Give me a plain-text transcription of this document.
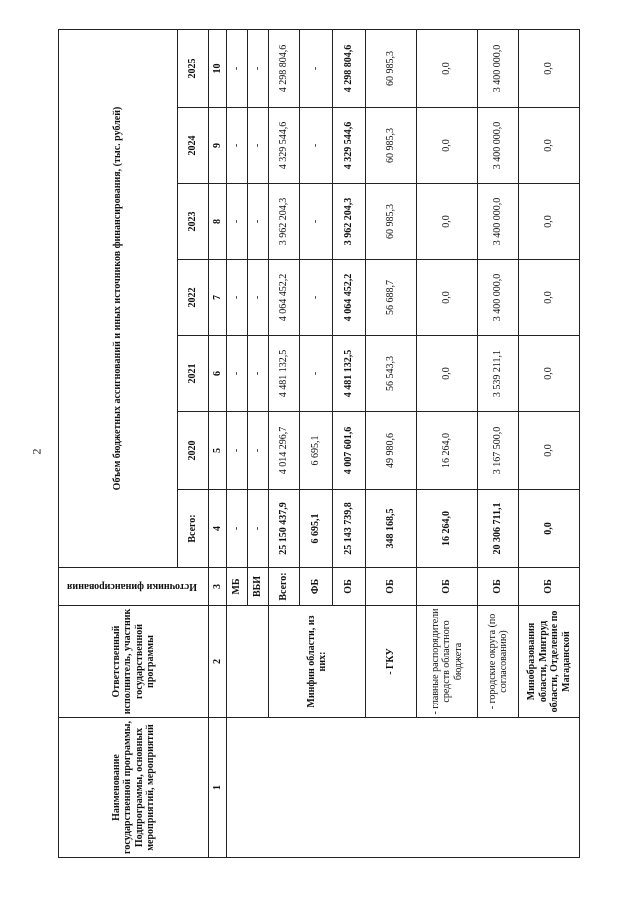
2
Наименование государственной программы, Подпрограммы, основных мероприятий, мероприятий	Ответственный исполнитель, участник государственной программы	Источники финансирования	Объем бюджетных ассигнований и иных источников финансирования, (тыс. рублей)						
			Всего:	2020	2021	2022	2023	2024	2025
1	2	3	4	5	6	7	8	9	10
		МБ	-	-	-	-	-	-	-
		ВБИ	-	-	-	-	-	-	-
	Минфин области, из них:	Всего:	25 150 437,9	4 014 296,7	4 481 132,5	4 064 452,2	3 962 204,3	4 329 544,6	4 298 804,6
		ФБ	6 695,1	6 695,1	-	-	-	-	-
		ОБ	25 143 739,8	4 007 601,6	4 481 132,5	4 064 452,2	3 962 204,3	4 329 544,6	4 298 804,6
	- ГКУ	ОБ	348 168,5	49 980,6	56 543,3	56 688,7	60 985,3	60 985,3	60 985,3
	- главные распорядители средств областного бюджета	ОБ	16 264,0	16 264,0	0,0	0,0	0,0	0,0	0,0
	- городские округа (по согласованию)	ОБ	20 306 711,1	3 167 500,0	3 539 211,1	3 400 000,0	3 400 000,0	3 400 000,0	3 400 000,0
	Минобразования области, Минтруд области, Отделение по Магаданской	ОБ	0,0	0,0	0,0	0,0	0,0	0,0	0,0
